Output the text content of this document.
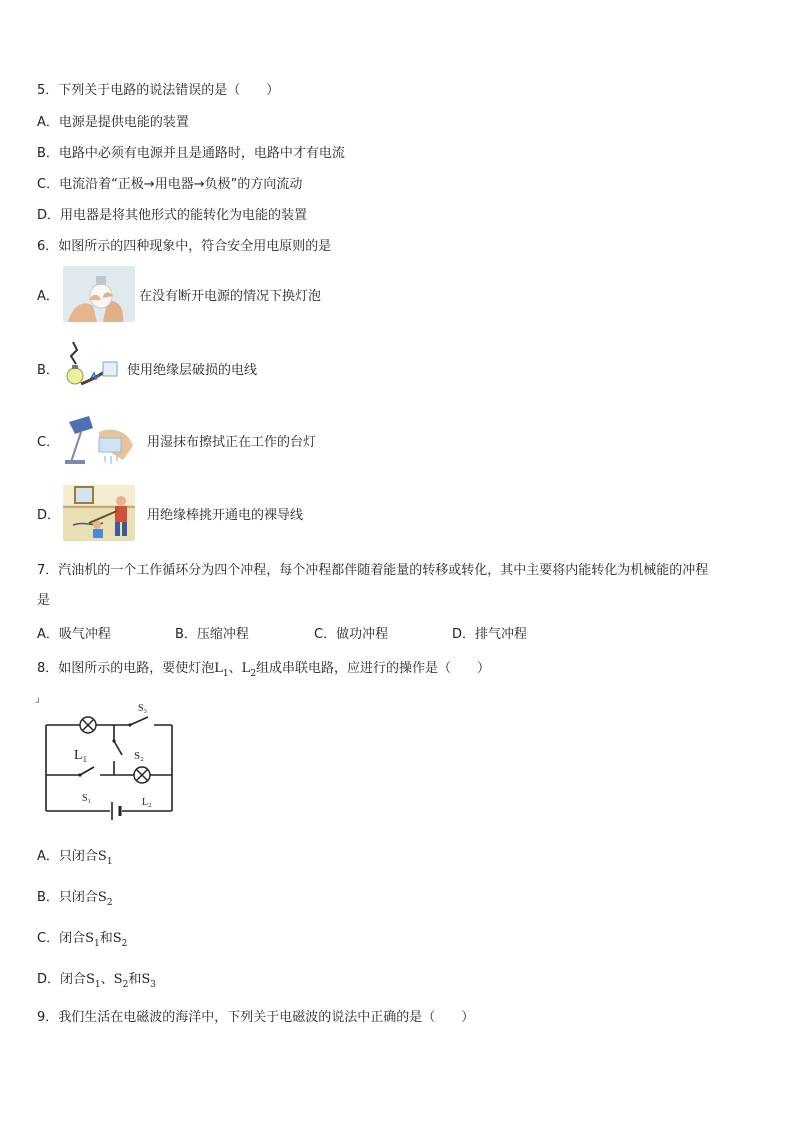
5．下列关于电路的说法错误的是（　　）
A．电源是提供电能的装置
B．电路中必须有电源并且是通路时，电路中才有电流
C．电流沿着“正极→用电器→负极”的方向流动
D．用电器是将其他形式的能转化为电能的装置
6．如图所示的四种现象中，符合安全用电原则的是
A．	在没有断开电源的情况下换灯泡
B．	使用绝缘层破损的电线
C．	用湿抹布擦拭正在工作的台灯
D．	用绝缘棒挑开通电的裸导线
7．汽油机的一个工作循环分为四个冲程，每个冲程都伴随着能量的转移或转化，其中主要将内能转化为机械能的冲程
是
A．吸气冲程	B．压缩冲程	C．做功冲程	D．排气冲程
8．如图所示的电路，要使灯泡$L_1$、$L_2$组成串联电路，应进行的操作是（　　）
┘
S₃
L₁	S₂
S₁	L₂
A．只闭合$S_1$
B．只闭合$S_2$
C．闭合$S_1$和$S_2$
D．闭合$S_1$、$S_2$和$S_3$
9．我们生活在电磁波的海洋中，下列关于电磁波的说法中正确的是（　　）
